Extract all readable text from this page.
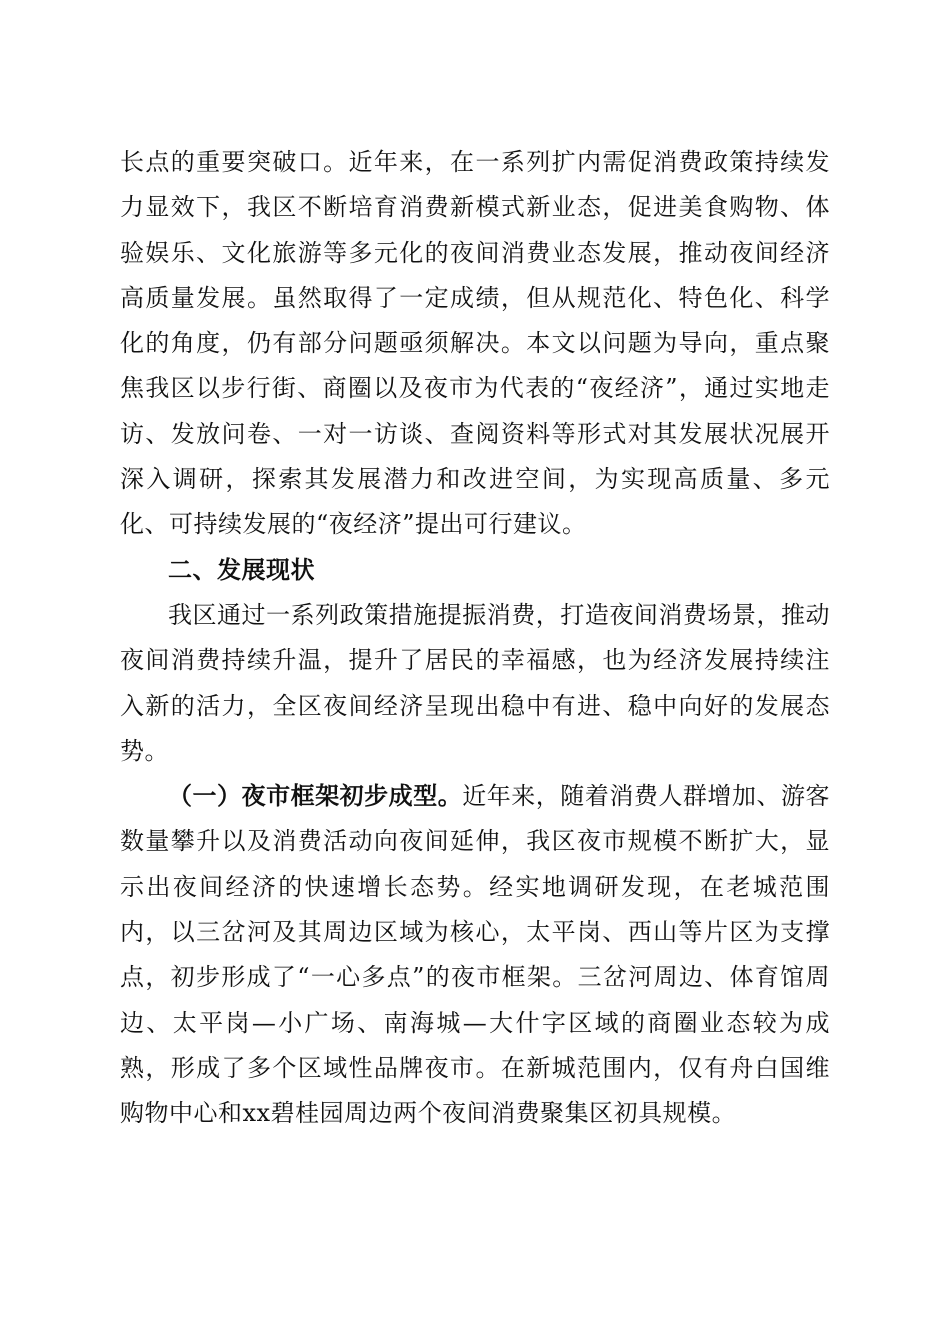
长点的重要突破口。近年来，在一系列扩内需促消费政策持续发力显效下，我区不断培育消费新模式新业态，促进美食购物、体验娱乐、文化旅游等多元化的夜间消费业态发展，推动夜间经济高质量发展。虽然取得了一定成绩，但从规范化、特色化、科学化的角度，仍有部分问题亟须解决。本文以问题为导向，重点聚焦我区以步行街、商圈以及夜市为代表的“夜经济”，通过实地走访、发放问卷、一对一访谈、查阅资料等形式对其发展状况展开深入调研，探索其发展潜力和改进空间，为实现高质量、多元化、可持续发展的“夜经济”提出可行建议。

二、发展现状

我区通过一系列政策措施提振消费，打造夜间消费场景，推动夜间消费持续升温，提升了居民的幸福感，也为经济发展持续注入新的活力，全区夜间经济呈现出稳中有进、稳中向好的发展态势。

（一）夜市框架初步成型。近年来，随着消费人群增加、游客数量攀升以及消费活动向夜间延伸，我区夜市规模不断扩大，显示出夜间经济的快速增长态势。经实地调研发现，在老城范围内，以三岔河及其周边区域为核心，太平岗、西山等片区为支撑点，初步形成了“一心多点”的夜市框架。三岔河周边、体育馆周边、太平岗—小广场、南海城—大什字区域的商圈业态较为成熟，形成了多个区域性品牌夜市。在新城范围内，仅有舟白国维购物中心和xx碧桂园周边两个夜间消费聚集区初具规模。
